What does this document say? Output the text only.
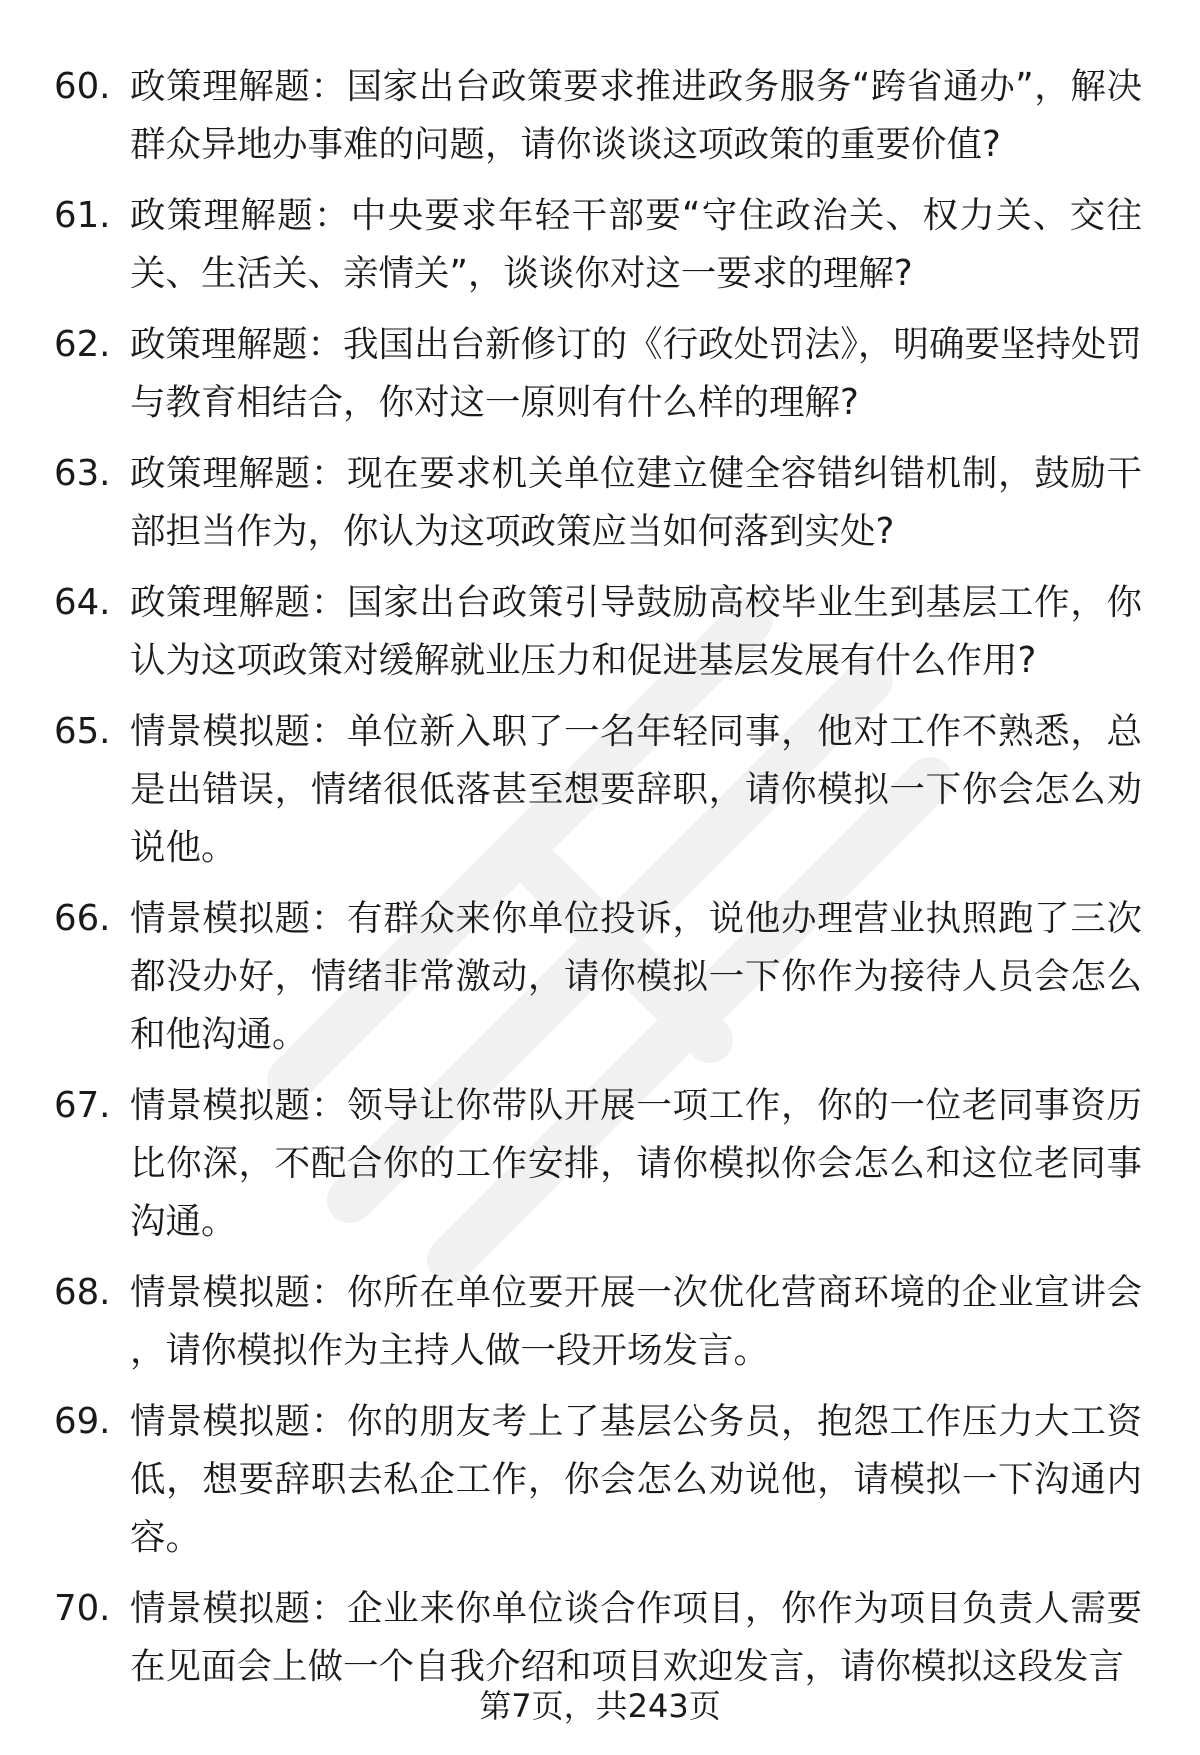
60. 政策理解题：国家出台政策要求推进政务服务“跨省通办”，解决群众异地办事难的问题，请你谈谈这项政策的重要价值?
61. 政策理解题：中央要求年轻干部要“守住政治关、权力关、交往关、生活关、亲情关”，谈谈你对这一要求的理解?
62. 政策理解题：我国出台新修订的《行政处罚法》，明确要坚持处罚与教育相结合，你对这一原则有什么样的理解?
63. 政策理解题：现在要求机关单位建立健全容错纠错机制，鼓励干部担当作为，你认为这项政策应当如何落到实处?
64. 政策理解题：国家出台政策引导鼓励高校毕业生到基层工作，你认为这项政策对缓解就业压力和促进基层发展有什么作用?
65. 情景模拟题：单位新入职了一名年轻同事，他对工作不熟悉，总是出错误，情绪很低落甚至想要辞职，请你模拟一下你会怎么劝说他。
66. 情景模拟题：有群众来你单位投诉，说他办理营业执照跑了三次都没办好，情绪非常激动，请你模拟一下你作为接待人员会怎么和他沟通。
67. 情景模拟题：领导让你带队开展一项工作，你的一位老同事资历比你深，不配合你的工作安排，请你模拟你会怎么和这位老同事沟通。
68. 情景模拟题：你所在单位要开展一次优化营商环境的企业宣讲会，请你模拟作为主持人做一段开场发言。
69. 情景模拟题：你的朋友考上了基层公务员，抱怨工作压力大工资低，想要辞职去私企工作，你会怎么劝说他，请模拟一下沟通内容。
70. 情景模拟题：企业来你单位谈合作项目，你作为项目负责人需要在见面会上做一个自我介绍和项目欢迎发言，请你模拟这段发言
第7页，共243页
